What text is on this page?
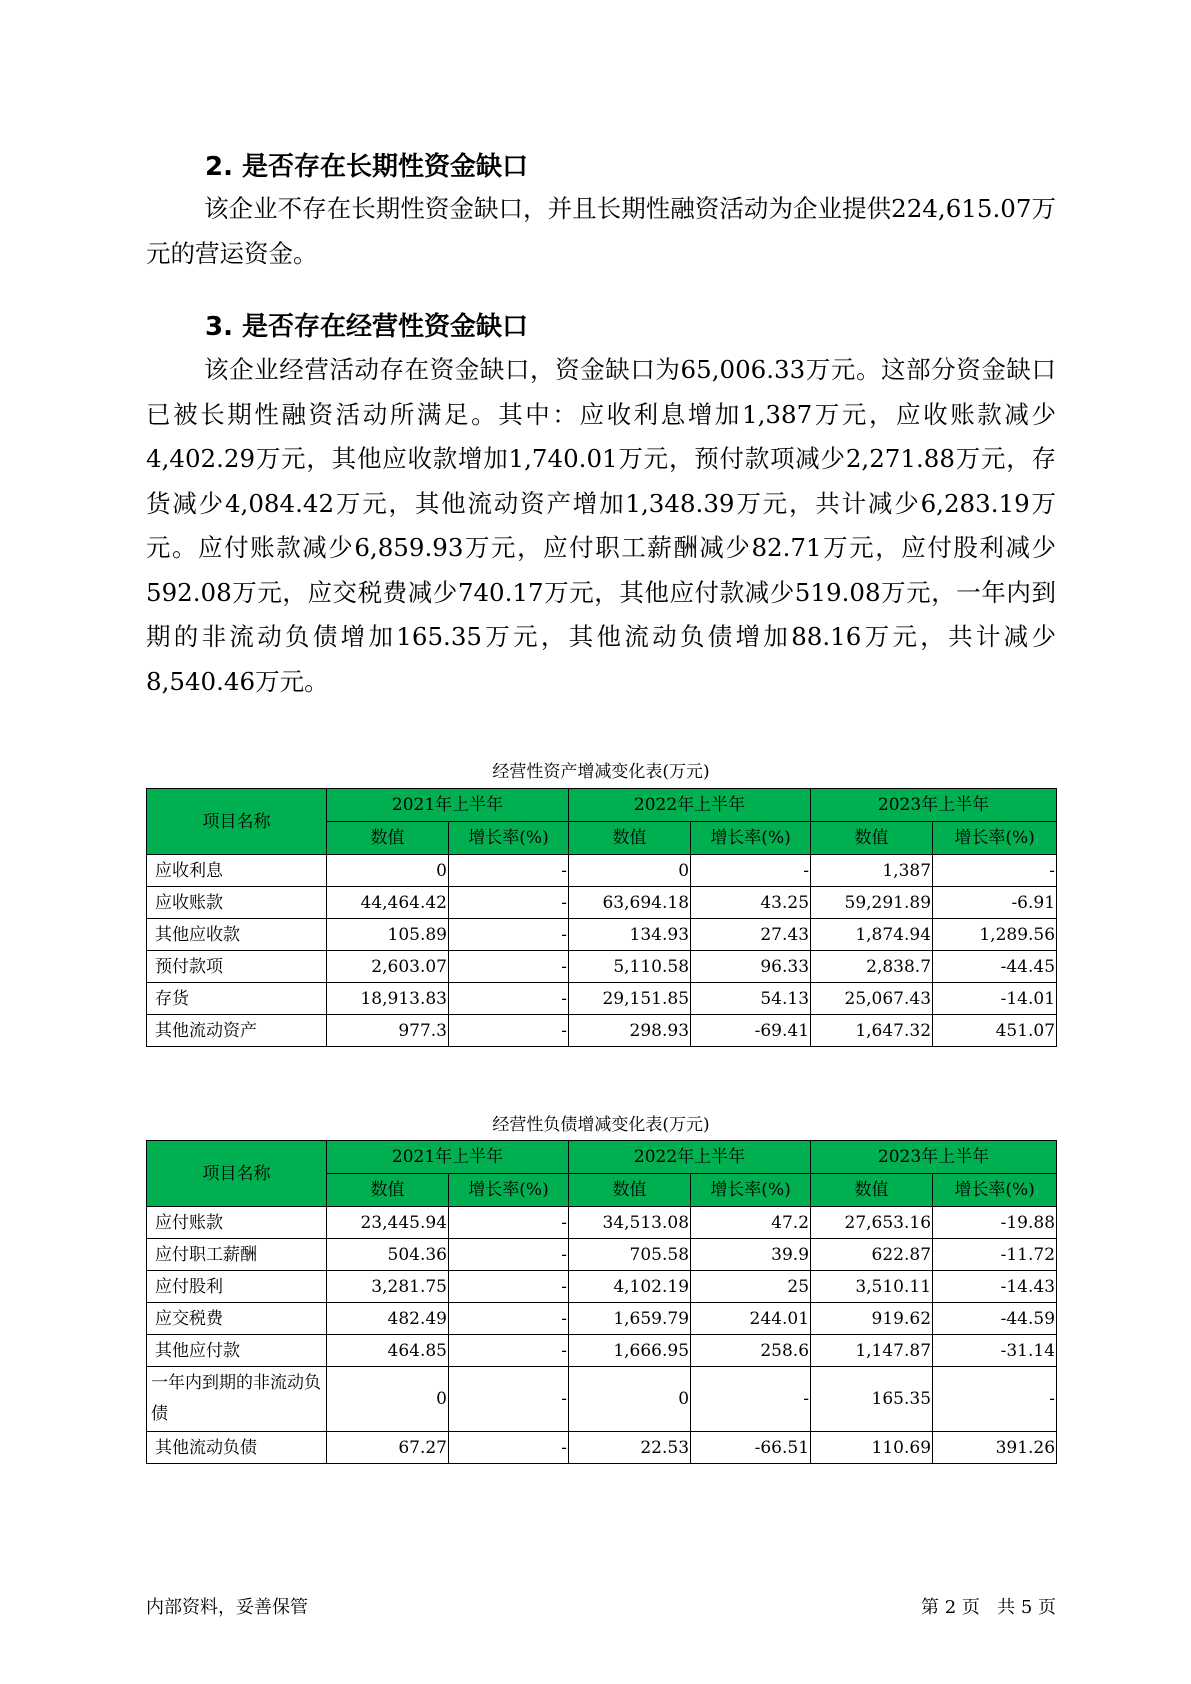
2. 是否存在长期性资金缺口

该企业不存在长期性资金缺口，并且长期性融资活动为企业提供224,615.07万元的营运资金。

3. 是否存在经营性资金缺口

该企业经营活动存在资金缺口，资金缺口为65,006.33万元。这部分资金缺口已被长期性融资活动所满足。其中：应收利息增加1,387万元，应收账款减少4,402.29万元，其他应收款增加1,740.01万元，预付款项减少2,271.88万元，存货减少4,084.42万元，其他流动资产增加1,348.39万元，共计减少6,283.19万元。应付账款减少6,859.93万元，应付职工薪酬减少82.71万元，应付股利减少592.08万元，应交税费减少740.17万元，其他应付款减少519.08万元，一年内到期的非流动负债增加165.35万元，其他流动负债增加88.16万元，共计减少8,540.46万元。

经营性资产增减变化表(万元)

项目名称	2021年上半年		2022年上半年		2023年上半年	
	数值	增长率(%)	数值	增长率(%)	数值	增长率(%)
应收利息	0	-	0	-	1,387	-
应收账款	44,464.42	-	63,694.18	43.25	59,291.89	-6.91
其他应收款	105.89	-	134.93	27.43	1,874.94	1,289.56
预付款项	2,603.07	-	5,110.58	96.33	2,838.7	-44.45
存货	18,913.83	-	29,151.85	54.13	25,067.43	-14.01
其他流动资产	977.3	-	298.93	-69.41	1,647.32	451.07

经营性负债增减变化表(万元)

项目名称	2021年上半年		2022年上半年		2023年上半年	
	数值	增长率(%)	数值	增长率(%)	数值	增长率(%)
应付账款	23,445.94	-	34,513.08	47.2	27,653.16	-19.88
应付职工薪酬	504.36	-	705.58	39.9	622.87	-11.72
应付股利	3,281.75	-	4,102.19	25	3,510.11	-14.43
应交税费	482.49	-	1,659.79	244.01	919.62	-44.59
其他应付款	464.85	-	1,666.95	258.6	1,147.87	-31.14
一年内到期的非流动负债	0	-	0	-	165.35	-
其他流动负债	67.27	-	22.53	-66.51	110.69	391.26

内部资料，妥善保管	第 2 页   共 5 页
